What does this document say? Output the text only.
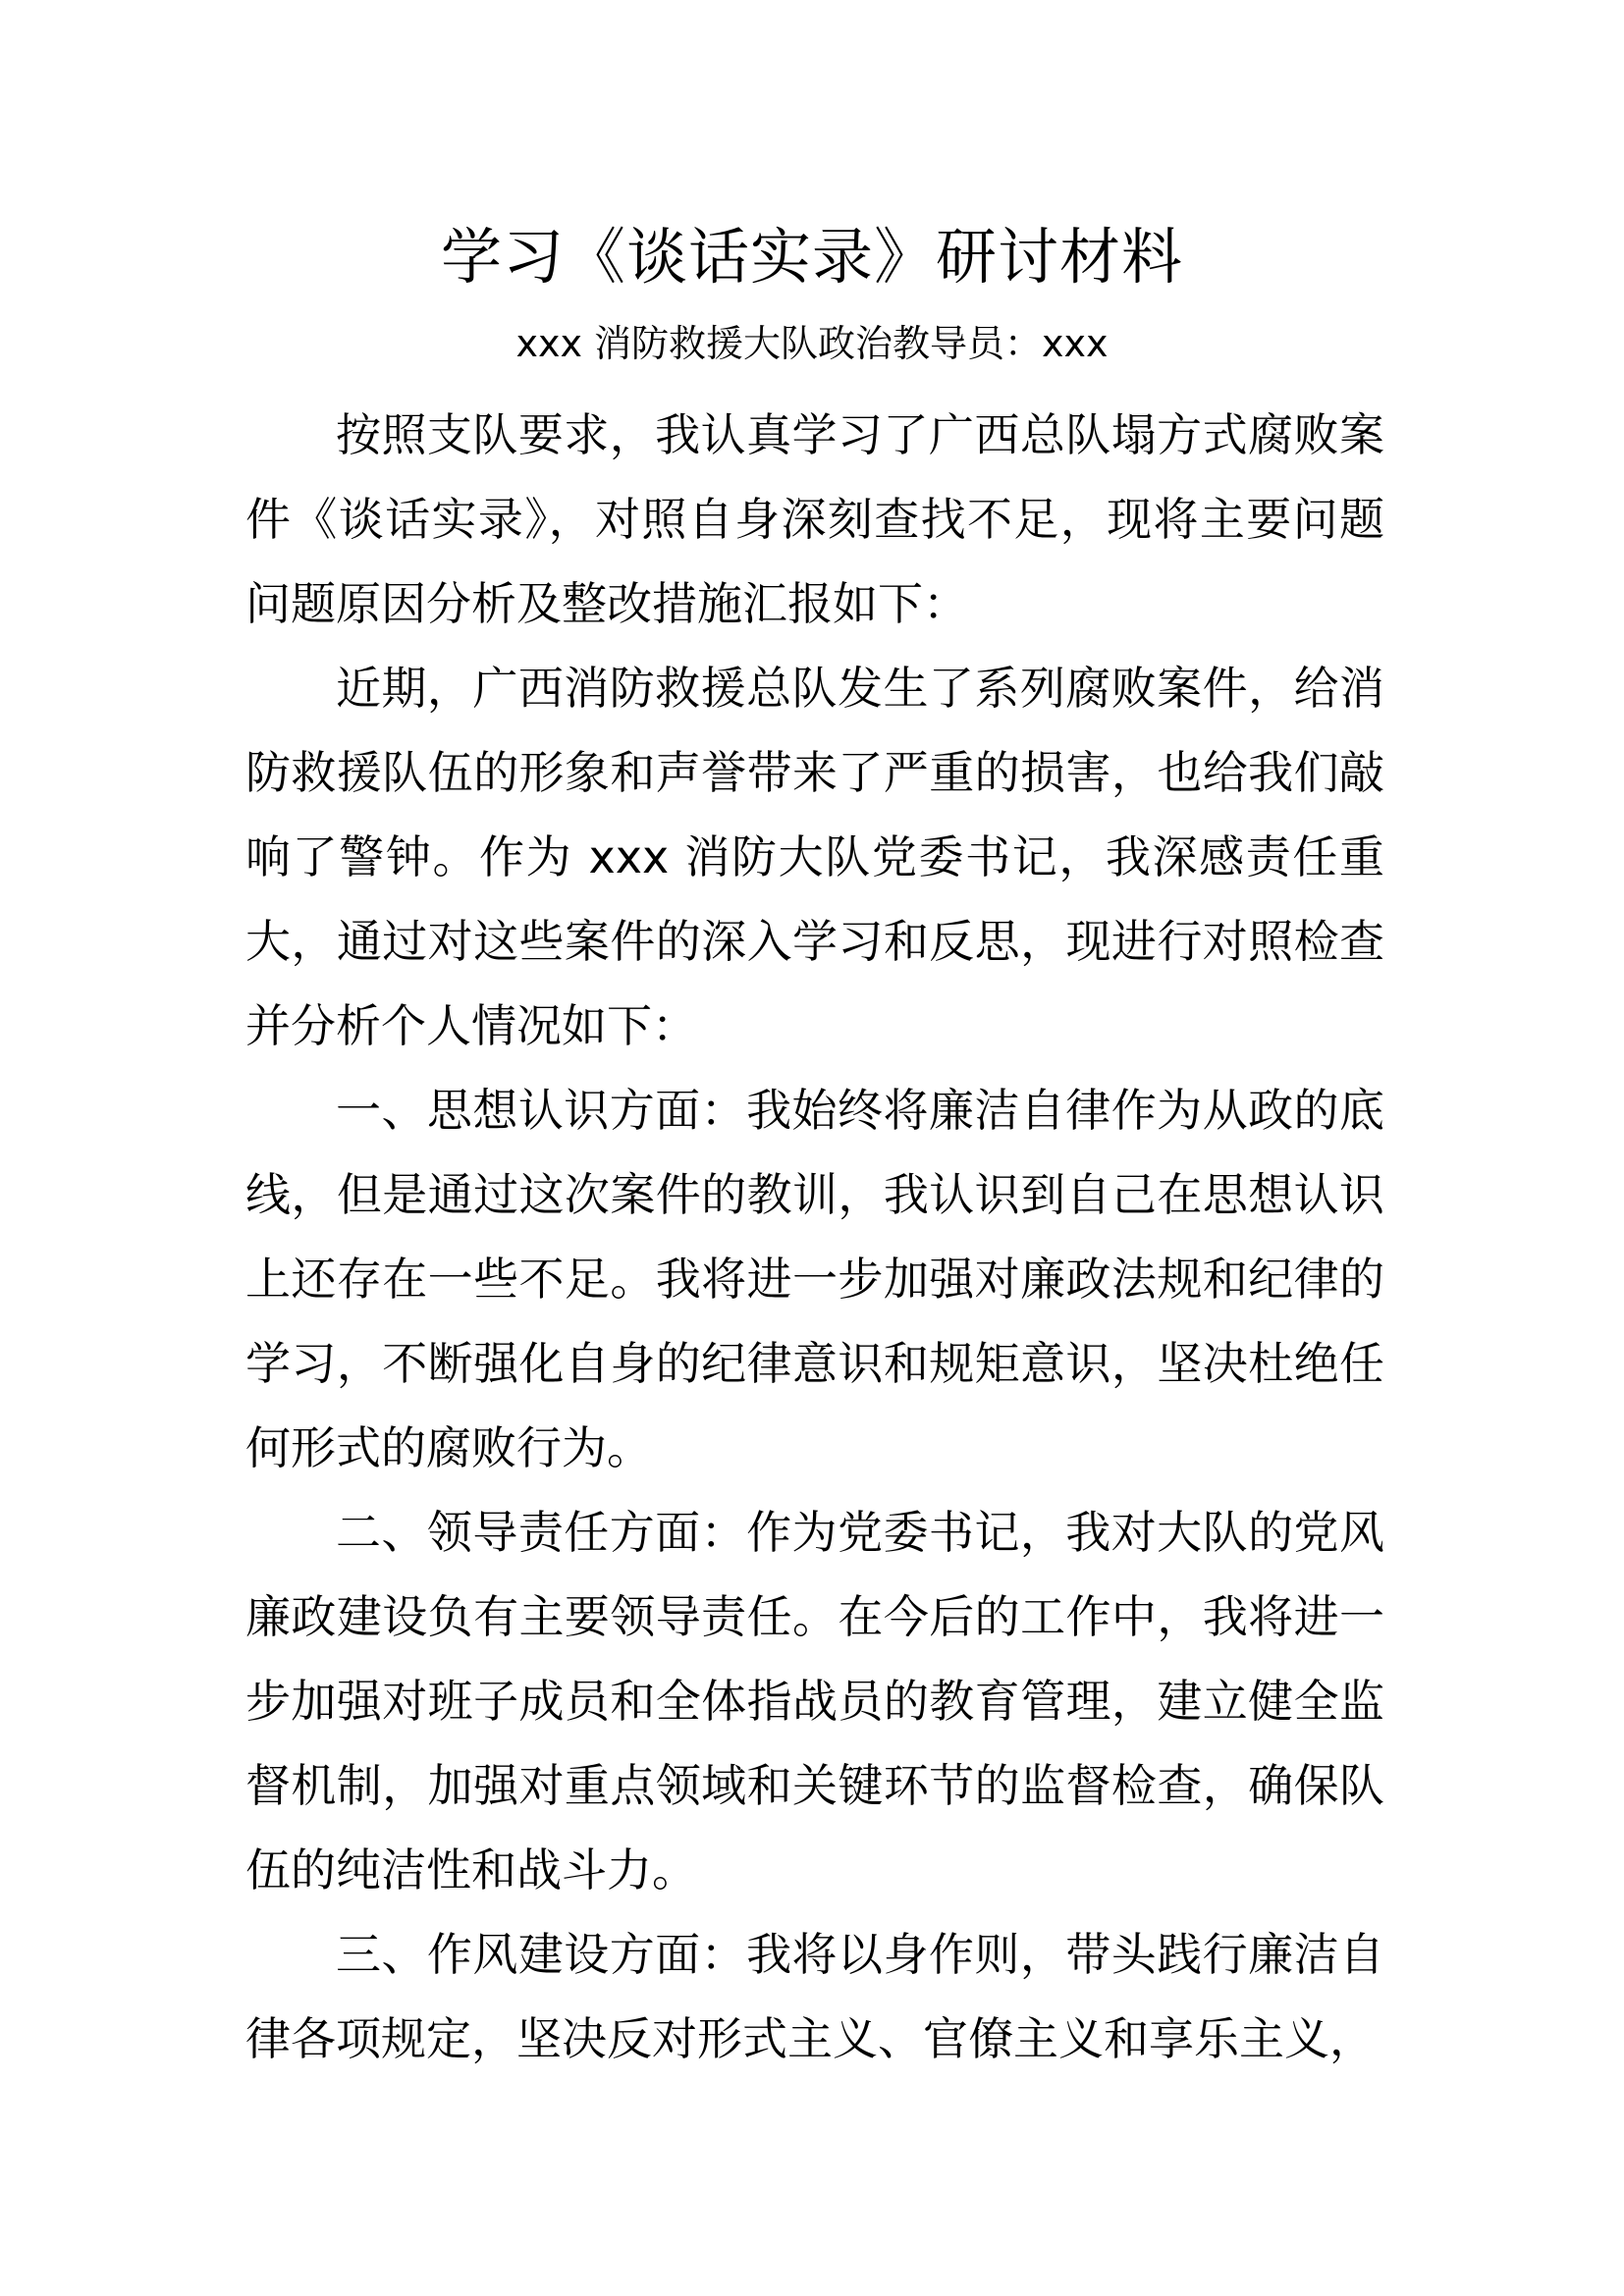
学习《谈话实录》研讨材料
xxx 消防救援大队政治教导员：xxx

按照支队要求，我认真学习了广西总队塌方式腐败案件《谈话实录》，对照自身深刻查找不足，现将主要问题问题原因分析及整改措施汇报如下：

近期，广西消防救援总队发生了系列腐败案件，给消防救援队伍的形象和声誉带来了严重的损害，也给我们敲响了警钟。作为 xxx 消防大队党委书记，我深感责任重大，通过对这些案件的深入学习和反思，现进行对照检查并分析个人情况如下：

一、思想认识方面：我始终将廉洁自律作为从政的底线，但是通过这次案件的教训，我认识到自己在思想认识上还存在一些不足。我将进一步加强对廉政法规和纪律的学习，不断强化自身的纪律意识和规矩意识，坚决杜绝任何形式的腐败行为。

二、领导责任方面：作为党委书记，我对大队的党风廉政建设负有主要领导责任。在今后的工作中，我将进一步加强对班子成员和全体指战员的教育管理，建立健全监督机制，加强对重点领域和关键环节的监督检查，确保队伍的纯洁性和战斗力。

三、作风建设方面：我将以身作则，带头践行廉洁自律各项规定，坚决反对形式主义、官僚主义和享乐主义，
